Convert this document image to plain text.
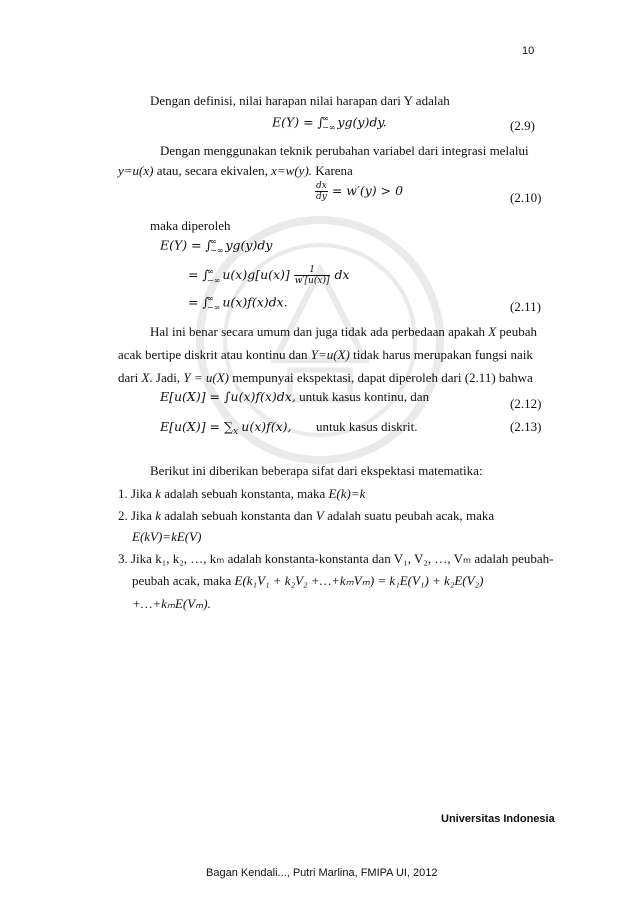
10
Dengan definisi, nilai harapan nilai harapan dari Y adalah
E(Y) = ∫
∞
−∞ yg(y)dy.	(2.9)
Dengan menggunakan teknik perubahan variabel dari integrasi melalui
y=u(x) atau, secara ekivalen, x=w(y). Karena
$\frac{dx}{dy} = w'(y) > 0$	(2.10)
maka diperoleh
E(Y) = ∫
∞
−∞ yg(y)dy
= ∫
∞
−∞ $u(x)g[u(x)] \frac{1}{w'[u(x)]}$ dx
= ∫
∞
−∞ u(x)f(x)dx.	(2.11)
Hal ini benar secara umum dan juga tidak ada perbedaan apakah X peubah
acak bertipe diskrit atau kontinu dan Y=u(X) tidak harus merupakan fungsi naik
dari X. Jadi, Y = u(X) mempunyai ekspektasi, dapat diperoleh dari (2.11) bahwa
E[u(X)] = ∫
u(x)f(x)dx, untuk kasus kontinu, dan	(2.12)
$E[u(X)] = \sum_x$ u(x)f(x), untuk kasus diskrit.	(2.13)
Berikut ini diberikan beberapa sifat dari ekspektasi matematika:
1. Jika k adalah sebuah konstanta, maka E(k)=k
2. Jika k adalah sebuah konstanta dan V adalah suatu peubah acak, maka
E(kV)=kE(V)
3. Jika k₁, k₂, …, kₘ adalah konstanta-konstanta dan V₁, V₂, …, Vₘ adalah peubah-
peubah acak, maka E(k₁V₁ + k₂V₂ +…+kₘVₘ) = k₁E(V₁) + k₂E(V₂)
+…+kₘE(Vₘ).
Universitas Indonesia
Bagan Kendali..., Putri Marlina, FMIPA UI, 2012
